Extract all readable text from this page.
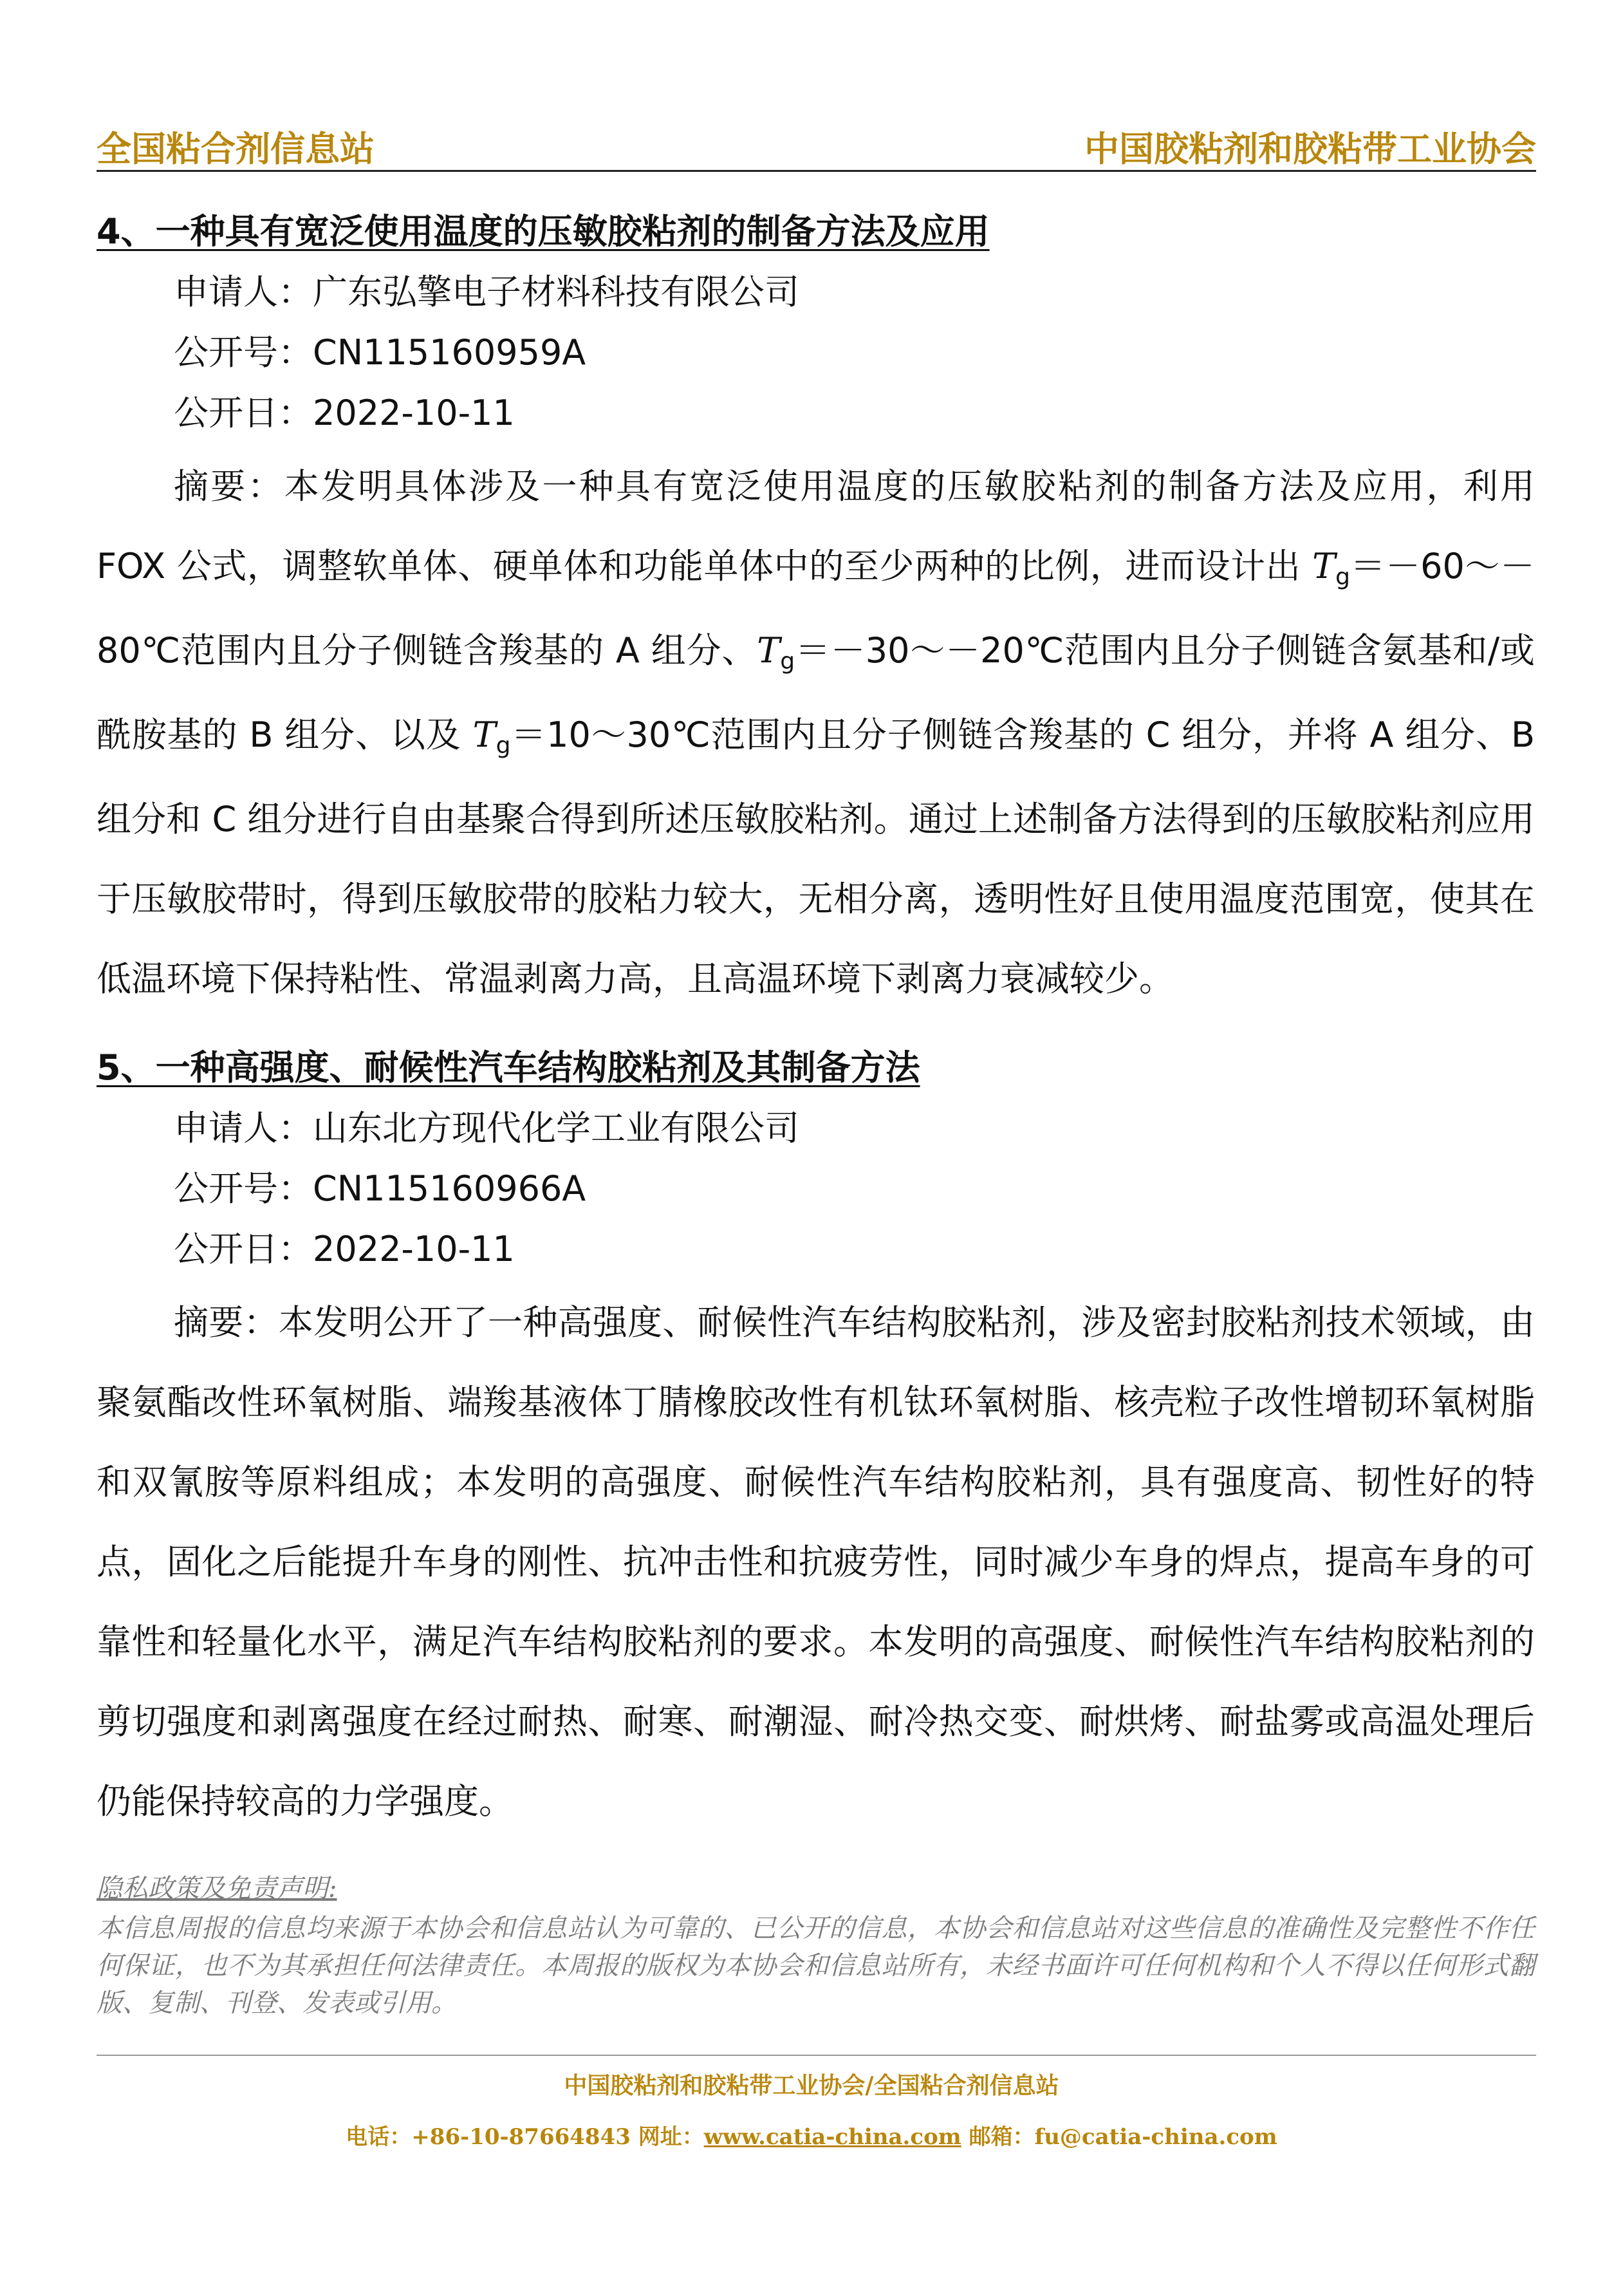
全国粘合剂信息站	中国胶粘剂和胶粘带工业协会
4、一种具有宽泛使用温度的压敏胶粘剂的制备方法及应用
申请人：广东弘擎电子材料科技有限公司
公开号：CN115160959A
公开日：2022-10-11

摘要：本发明具体涉及一种具有宽泛使用温度的压敏胶粘剂的制备方法及应用，利用 FOX 公式，调整软单体、硬单体和功能单体中的至少两种的比例，进而设计出 Tg＝－60～－80℃范围内且分子侧链含羧基的 A 组分、Tg＝－30～－20℃范围内且分子侧链含氨基和/或酰胺基的 B 组分、以及 Tg＝10～30℃范围内且分子侧链含羧基的 C 组分，并将 A 组分、B 组分和 C 组分进行自由基聚合得到所述压敏胶粘剂。通过上述制备方法得到的压敏胶粘剂应用于压敏胶带时，得到压敏胶带的胶粘力较大，无相分离，透明性好且使用温度范围宽，使其在低温环境下保持粘性、常温剥离力高，且高温环境下剥离力衰减较少。

5、一种高强度、耐候性汽车结构胶粘剂及其制备方法
申请人：山东北方现代化学工业有限公司
公开号：CN115160966A
公开日：2022-10-11

摘要：本发明公开了一种高强度、耐候性汽车结构胶粘剂，涉及密封胶粘剂技术领域，由聚氨酯改性环氧树脂、端羧基液体丁腈橡胶改性有机钛环氧树脂、核壳粒子改性增韧环氧树脂和双氰胺等原料组成；本发明的高强度、耐候性汽车结构胶粘剂，具有强度高、韧性好的特点，固化之后能提升车身的刚性、抗冲击性和抗疲劳性，同时减少车身的焊点，提高车身的可靠性和轻量化水平，满足汽车结构胶粘剂的要求。本发明的高强度、耐候性汽车结构胶粘剂的剪切强度和剥离强度在经过耐热、耐寒、耐潮湿、耐冷热交变、耐烘烤、耐盐雾或高温处理后仍能保持较高的力学强度。

隐私政策及免责声明:

本信息周报的信息均来源于本协会和信息站认为可靠的、已公开的信息，本协会和信息站对这些信息的准确性及完整性不作任何保证，也不为其承担任何法律责任。本周报的版权为本协会和信息站所有，未经书面许可任何机构和个人不得以任何形式翻版、复制、刊登、发表或引用。

中国胶粘剂和胶粘带工业协会/全国粘合剂信息站
电话：+86-10-87664843 网址：www.catia-china.com 邮箱：fu@catia-china.com
